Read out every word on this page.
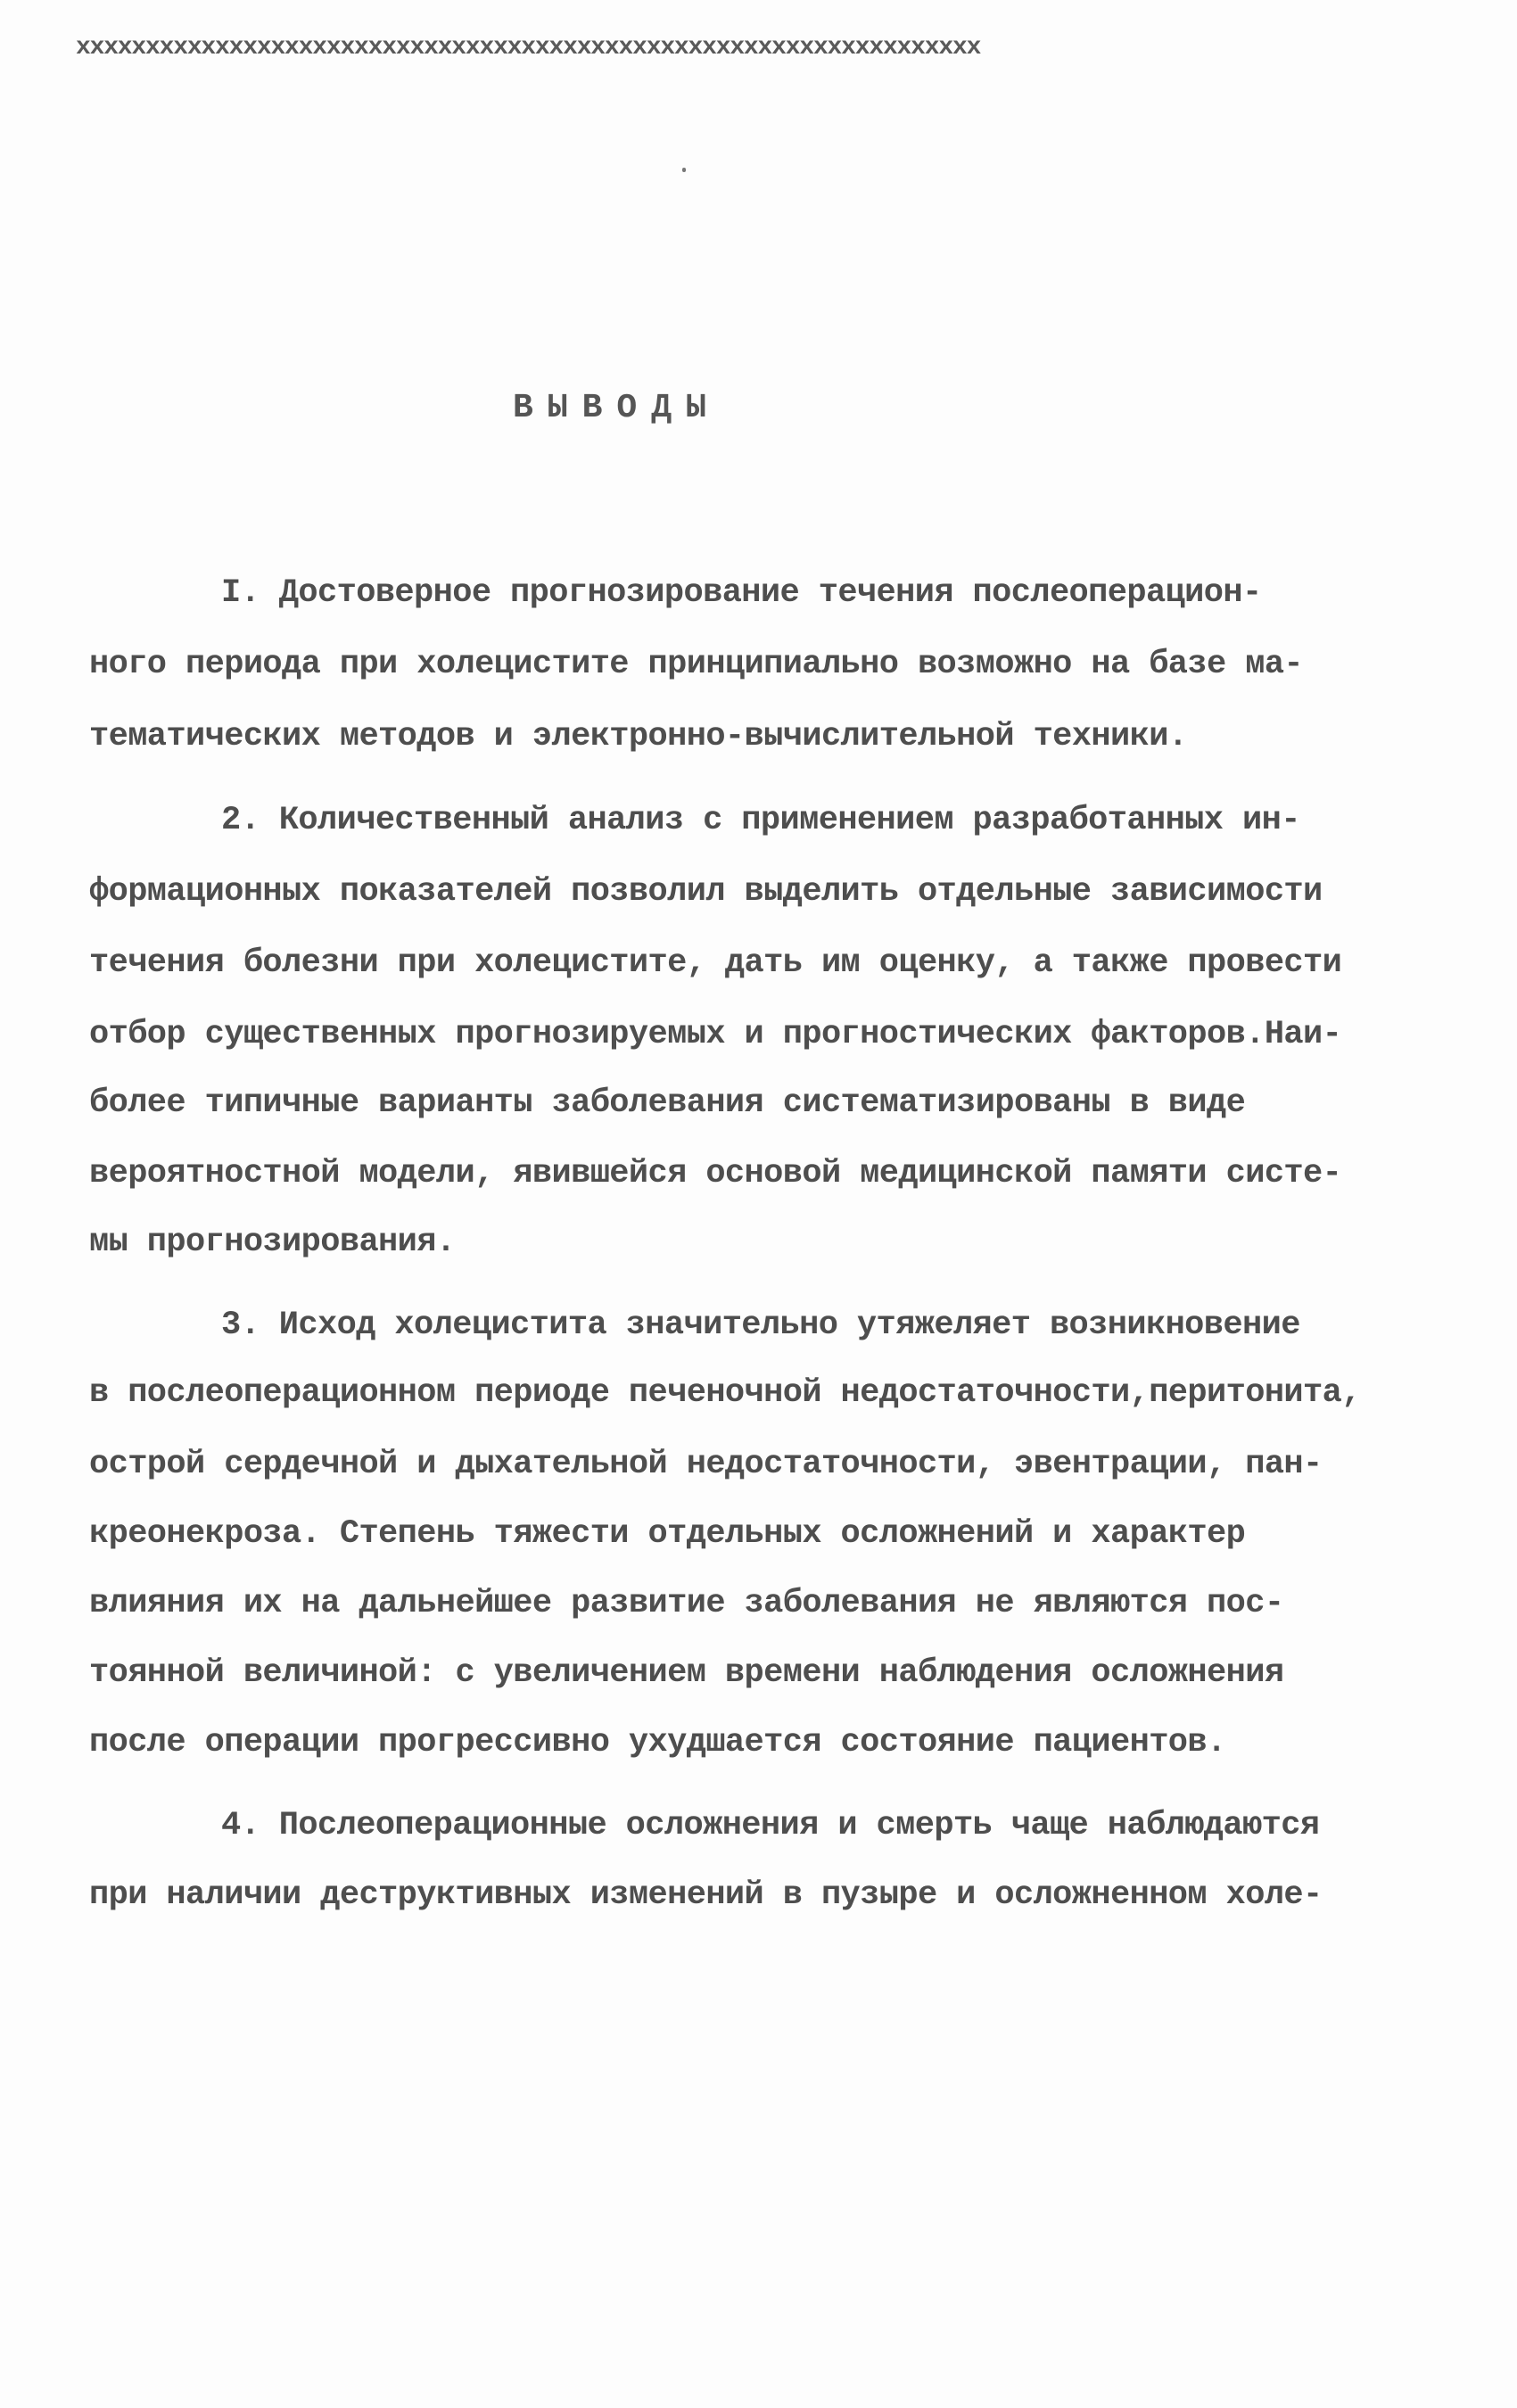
xxxxxxxxxxxxxxxxxxxxxxxxxxxxxxxxxxxxxxxxxxxxxxxxxxxxxxxxxxxxxxxxx
ВЫВОДЫ
I. Достоверное прогнозирование течения послеоперацион-
ного периода при холецистите принципиально возможно на базе ма-
тематических методов и электронно-вычислительной техники.
2. Количественный анализ с применением разработанных ин-
формационных показателей позволил выделить отдельные зависимости
течения болезни при холецистите, дать им оценку, а также провести
отбор существенных прогнозируемых и прогностических факторов.Наи-
более типичные варианты заболевания систематизированы в виде
вероятностной модели, явившейся основой медицинской памяти систе-
мы прогнозирования.
3. Исход холецистита значительно утяжеляет возникновение
в послеоперационном периоде печеночной недостаточности,перитонита,
острой сердечной и дыхательной недостаточности, эвентрации, пан-
креонекроза. Степень тяжести отдельных осложнений и характер
влияния их на дальнейшее развитие заболевания не являются пос-
тоянной величиной: с увеличением времени наблюдения осложнения
после операции прогрессивно ухудшается состояние пациентов.
4. Послеоперационные осложнения и смерть чаще наблюдаются
при наличии деструктивных изменений в пузыре и осложненном холе-
